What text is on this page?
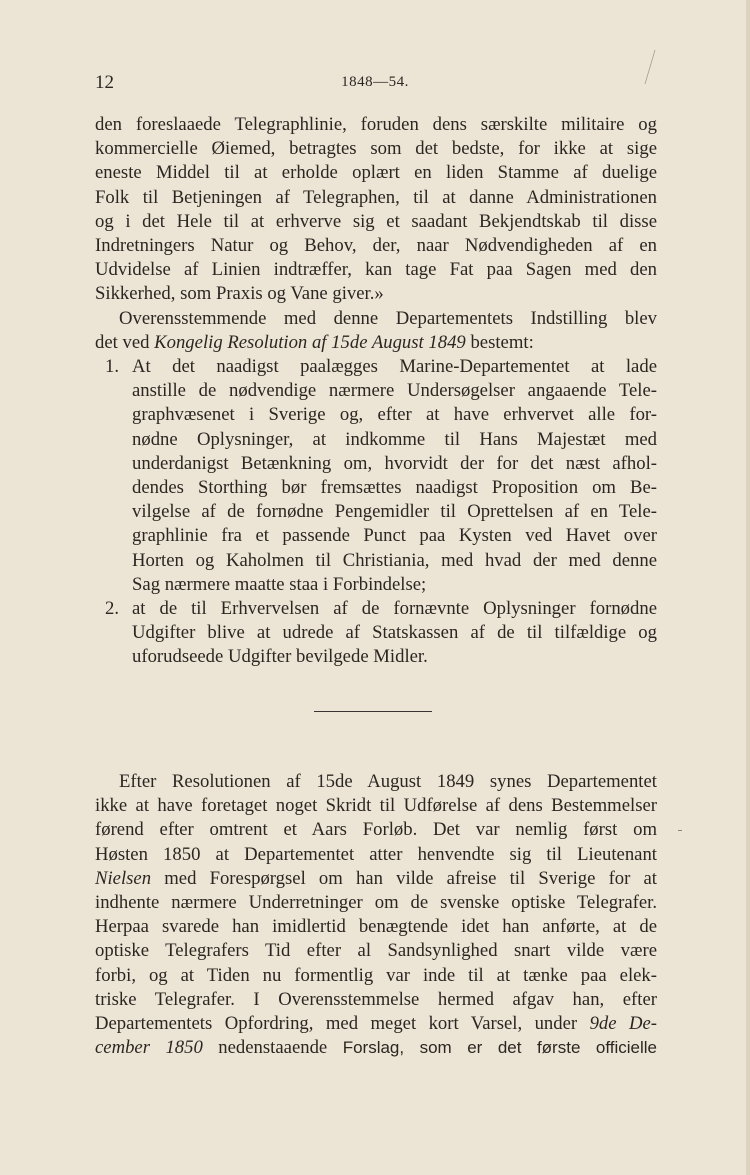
12	1848—54.
den foreslaaede Telegraphlinie, foruden dens særskilte militaire og
kommercielle Øiemed, betragtes som det bedste, for ikke at sige
eneste Middel til at erholde oplært en liden Stamme af duelige
Folk til Betjeningen af Telegraphen, til at danne Administrationen
og i det Hele til at erhverve sig et saadant Bekjendtskab til disse
Indretningers Natur og Behov, der, naar Nødvendigheden af en
Udvidelse af Linien indtræffer, kan tage Fat paa Sagen med den
Sikkerhed, som Praxis og Vane giver.»
Overensstemmende med denne Departementets Indstilling blev
det ved Kongelig Resolution af 15de August 1849 bestemt:
1. At det naadigst paalægges Marine-Departementet at lade
anstille de nødvendige nærmere Undersøgelser angaaende Tele-
graphvæsenet i Sverige og, efter at have erhvervet alle for-
nødne Oplysninger, at indkomme til Hans Majestæt med
underdanigst Betænkning om, hvorvidt der for det næst afhol-
dendes Storthing bør fremsættes naadigst Proposition om Be-
vilgelse af de fornødne Pengemidler til Oprettelsen af en Tele-
graphlinie fra et passende Punct paa Kysten ved Havet over
Horten og Kaholmen til Christiania, med hvad der med denne
Sag nærmere maatte staa i Forbindelse;
2. at de til Erhvervelsen af de fornævnte Oplysninger fornødne
Udgifter blive at udrede af Statskassen af de til tilfældige og
uforudseede Udgifter bevilgede Midler.
Efter Resolutionen af 15de August 1849 synes Departementet
ikke at have foretaget noget Skridt til Udførelse af dens Bestemmelser
førend efter omtrent et Aars Forløb. Det var nemlig først om
Høsten 1850 at Departementet atter henvendte sig til Lieutenant
Nielsen med Forespørgsel om han vilde afreise til Sverige for at
indhente nærmere Underretninger om de svenske optiske Telegrafer.
Herpaa svarede han imidlertid benægtende idet han anførte, at de
optiske Telegrafers Tid efter al Sandsynlighed snart vilde være
forbi, og at Tiden nu formentlig var inde til at tænke paa elek-
triske Telegrafer. I Overensstemmelse hermed afgav han, efter
Departementets Opfordring, med meget kort Varsel, under 9de De-
cember 1850 nedenstaaende Forslag, som er det første officielle
